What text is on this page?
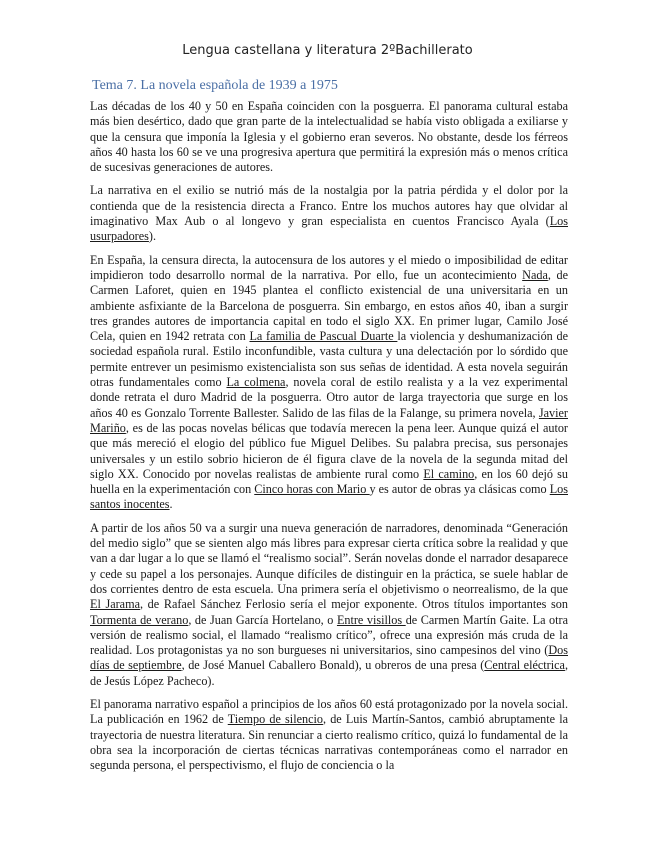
Lengua castellana y literatura 2ºBachillerato
Tema 7. La novela española de 1939 a 1975

Las décadas de los 40 y 50 en España coinciden con la posguerra. El panorama cultural estaba más bien desértico, dado que gran parte de la intelectualidad se había visto obligada a exiliarse y que la censura que imponía la Iglesia y el gobierno eran severos. No obstante, desde los férreos años 40 hasta los 60 se ve una progresiva apertura que permitirá la expresión más o menos crítica de sucesivas generaciones de autores.

La narrativa en el exilio se nutrió más de la nostalgia por la patria pérdida y el dolor por la contienda que de la resistencia directa a Franco. Entre los muchos autores hay que olvidar al imaginativo Max Aub o al longevo y gran especialista en cuentos Francisco Ayala (Los usurpadores).

En España, la censura directa, la autocensura de los autores y el miedo o imposibilidad de editar impidieron todo desarrollo normal de la narrativa. Por ello, fue un acontecimiento Nada, de Carmen Laforet, quien en 1945 plantea el conflicto existencial de una universitaria en un ambiente asfixiante de la Barcelona de posguerra. Sin embargo, en estos años 40, iban a surgir tres grandes autores de importancia capital en todo el siglo XX. En primer lugar, Camilo José Cela, quien en 1942 retrata con La familia de Pascual Duarte la violencia y deshumanización de sociedad española rural. Estilo inconfundible, vasta cultura y una delectación por lo sórdido que permite entrever un pesimismo existencialista son sus señas de identidad. A esta novela seguirán otras fundamentales como La colmena, novela coral de estilo realista y a la vez experimental donde retrata el duro Madrid de la posguerra. Otro autor de larga trayectoria que surge en los años 40 es Gonzalo Torrente Ballester. Salido de las filas de la Falange, su primera novela, Javier Mariño, es de las pocas novelas bélicas que todavía merecen la pena leer. Aunque quizá el autor que más mereció el elogio del público fue Miguel Delibes. Su palabra precisa, sus personajes universales y un estilo sobrio hicieron de él figura clave de la novela de la segunda mitad del siglo XX. Conocido por novelas realistas de ambiente rural como El camino, en los 60 dejó su huella en la experimentación con Cinco horas con Mario y es autor de obras ya clásicas como Los santos inocentes.

A partir de los años 50 va a surgir una nueva generación de narradores, denominada “Generación del medio siglo” que se sienten algo más libres para expresar cierta crítica sobre la realidad y que van a dar lugar a lo que se llamó el “realismo social”. Serán novelas donde el narrador desaparece y cede su papel a los personajes. Aunque difíciles de distinguir en la práctica, se suele hablar de dos corrientes dentro de esta escuela. Una primera sería el objetivismo o neorrealismo, de la que El Jarama, de Rafael Sánchez Ferlosio sería el mejor exponente. Otros títulos importantes son Tormenta de verano, de Juan García Hortelano, o Entre visillos de Carmen Martín Gaite. La otra versión de realismo social, el llamado “realismo crítico”, ofrece una expresión más cruda de la realidad. Los protagonistas ya no son burgueses ni universitarios, sino campesinos del vino (Dos días de septiembre, de José Manuel Caballero Bonald), u obreros de una presa (Central eléctrica, de Jesús López Pacheco).

El panorama narrativo español a principios de los años 60 está protagonizado por la novela social. La publicación en 1962 de Tiempo de silencio, de Luis Martín-Santos, cambió abruptamente la trayectoria de nuestra literatura. Sin renunciar a cierto realismo crítico, quizá lo fundamental de la obra sea la incorporación de ciertas técnicas narrativas contemporáneas como el narrador en segunda persona, el perspectivismo, el flujo de conciencia o la
